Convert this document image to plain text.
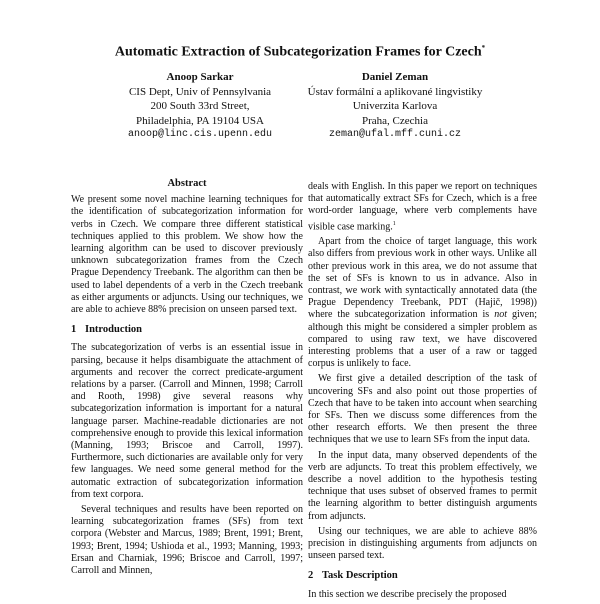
Automatic Extraction of Subcategorization Frames for Czech*
Anoop Sarkar
CIS Dept, Univ of Pennsylvania
200 South 33rd Street,
Philadelphia, PA 19104 USA
anoop@linc.cis.upenn.edu
Daniel Zeman
Ústav formální a aplikované lingvistiky
Univerzita Karlova
Praha, Czechia
zeman@ufal.mff.cuni.cz
Abstract

We present some novel machine learning techniques for the identification of subcategorization information for verbs in Czech. We compare three different statistical techniques applied to this problem. We show how the learning algorithm can be used to discover previously unknown subcategorization frames from the Czech Prague Dependency Treebank. The algorithm can then be used to label dependents of a verb in the Czech treebank as either arguments or adjuncts. Using our techniques, we are able to achieve 88% precision on unseen parsed text.

1 Introduction

The subcategorization of verbs is an essential issue in parsing, because it helps disambiguate the attachment of arguments and recover the correct predicate-argument relations by a parser. (Carroll and Minnen, 1998; Carroll and Rooth, 1998) give several reasons why subcategorization information is important for a natural language parser. Machine-readable dictionaries are not comprehensive enough to provide this lexical information (Manning, 1993; Briscoe and Carroll, 1997). Furthermore, such dictionaries are available only for very few languages. We need some general method for the automatic extraction of subcategorization information from text corpora.

Several techniques and results have been reported on learning subcategorization frames (SFs) from text corpora (Webster and Marcus, 1989; Brent, 1991; Brent, 1993; Brent, 1994; Ushioda et al., 1993; Manning, 1993; Ersan and Charniak, 1996; Briscoe and Carroll, 1997; Carroll and Minnen,

deals with English. In this paper we report on techniques that automatically extract SFs for Czech, which is a free word-order language, where verb complements have visible case marking.$^1$

Apart from the choice of target language, this work also differs from previous work in other ways. Unlike all other previous work in this area, we do not assume that the set of SFs is known to us in advance. Also in contrast, we work with syntactically annotated data (the Prague Dependency Treebank, PDT (Hajič, 1998)) where the subcategorization information is not given; although this might be considered a simpler problem as compared to using raw text, we have discovered interesting problems that a user of a raw or tagged corpus is unlikely to face.

We first give a detailed description of the task of uncovering SFs and also point out those properties of Czech that have to be taken into account when searching for SFs. Then we discuss some differences from the other research efforts. We then present the three techniques that we use to learn SFs from the input data.

In the input data, many observed dependents of the verb are adjuncts. To treat this problem effectively, we describe a novel addition to the hypothesis testing technique that uses subset of observed frames to permit the learning algorithm to better distinguish arguments from adjuncts.

Using our techniques, we are able to achieve 88% precision in distinguishing arguments from adjuncts on unseen parsed text.

2 Task Description

In this section we describe precisely the proposed
